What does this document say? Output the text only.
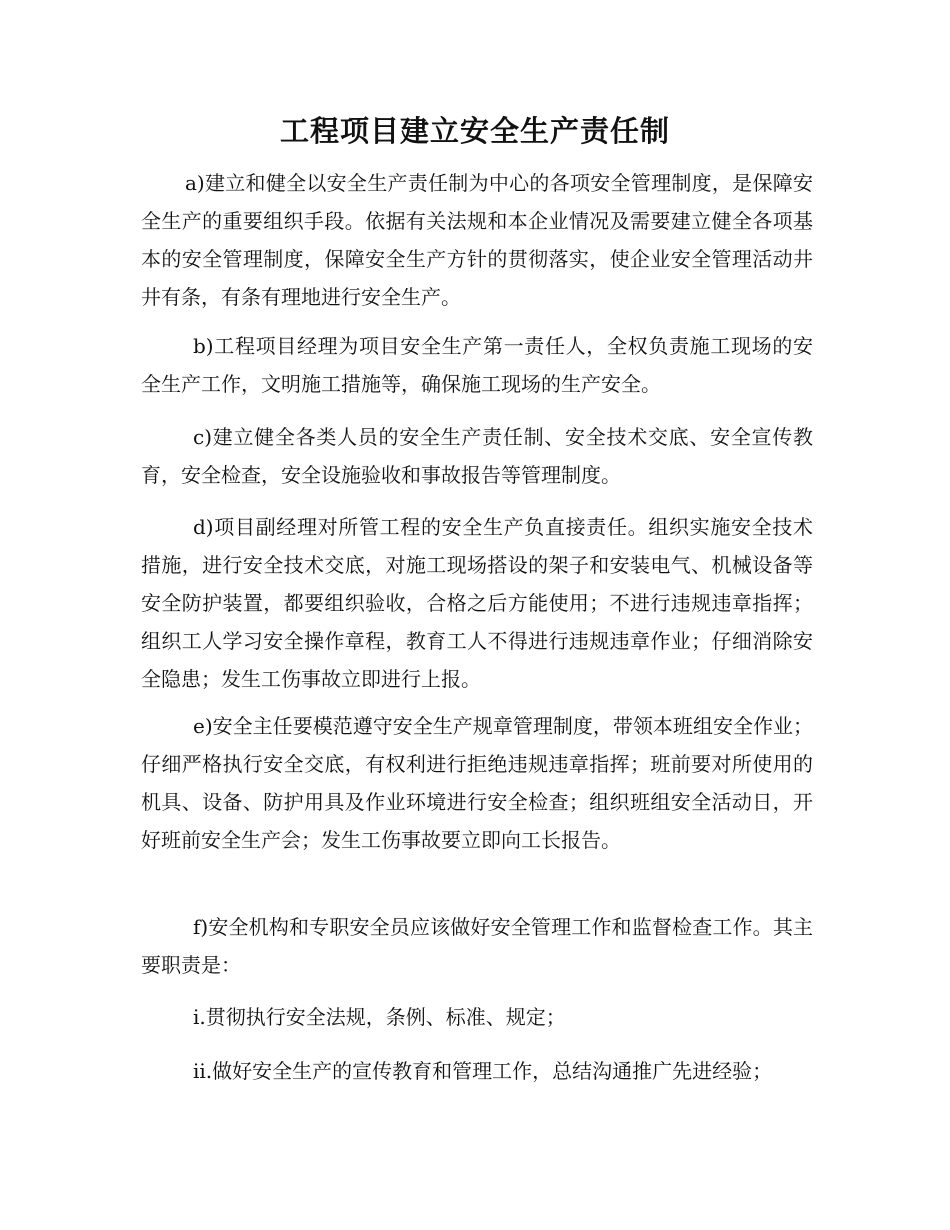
工程项目建立安全生产责任制

a)建立和健全以安全生产责任制为中心的各项安全管理制度，是保障安全生产的重要组织手段。依据有关法规和本企业情况及需要建立健全各项基本的安全管理制度，保障安全生产方针的贯彻落实，使企业安全管理活动井井有条，有条有理地进行安全生产。

b)工程项目经理为项目安全生产第一责任人，全权负责施工现场的安全生产工作，文明施工措施等，确保施工现场的生产安全。

c)建立健全各类人员的安全生产责任制、安全技术交底、安全宣传教育，安全检查，安全设施验收和事故报告等管理制度。

d)项目副经理对所管工程的安全生产负直接责任。组织实施安全技术措施，进行安全技术交底，对施工现场搭设的架子和安装电气、机械设备等安全防护装置，都要组织验收，合格之后方能使用；不进行违规违章指挥；组织工人学习安全操作章程，教育工人不得进行违规违章作业；仔细消除安全隐患；发生工伤事故立即进行上报。

e)安全主任要模范遵守安全生产规章管理制度，带领本班组安全作业；仔细严格执行安全交底，有权利进行拒绝违规违章指挥；班前要对所使用的机具、设备、防护用具及作业环境进行安全检查；组织班组安全活动日，开好班前安全生产会；发生工伤事故要立即向工长报告。

f)安全机构和专职安全员应该做好安全管理工作和监督检查工作。其主要职责是：

i.贯彻执行安全法规，条例、标准、规定；

ii.做好安全生产的宣传教育和管理工作，总结沟通推广先进经验；
